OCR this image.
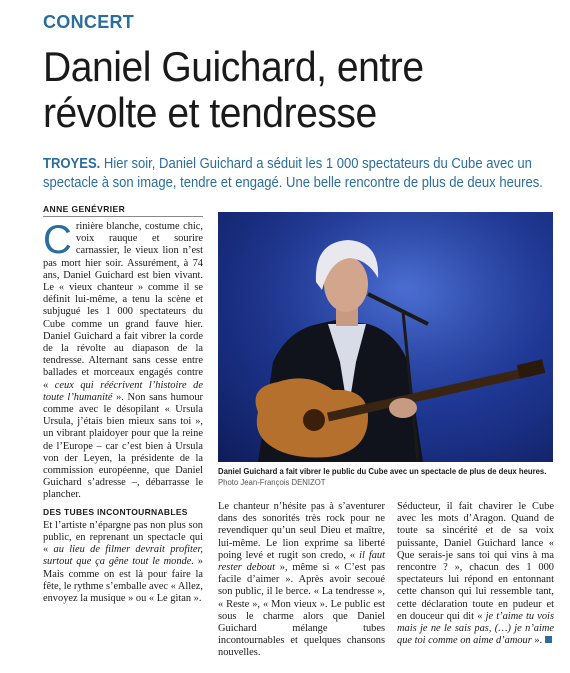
CONCERT
Daniel Guichard, entre révolte et tendresse
TROYES. Hier soir, Daniel Guichard a séduit les 1 000 spectateurs du Cube avec un spectacle à son image, tendre et engagé. Une belle rencontre de plus de deux heures.
ANNE GENÉVRIER

Crinière blanche, costume chic, voix rauque et sourire carnassier, le vieux lion n’est pas mort hier soir. Assurément, à 74 ans, Daniel Guichard est bien vivant. Le « vieux chanteur » comme il se définit lui-même, a tenu la scène et subjugué les 1 000 spectateurs du Cube comme un grand fauve hier. Daniel Guichard a fait vibrer la corde de la révolte au diapason de la tendresse. Alternant sans cesse entre ballades et morceaux engagés contre « ceux qui réécrivent l’histoire de toute l’humanité ». Non sans humour comme avec le désopilant « Ursula Ursula, j’étais bien mieux sans toi », un vibrant plaidoyer pour que la reine de l’Europe – car c’est bien à Ursula von der Leyen, la présidente de la commission européenne, que Daniel Guichard s’adresse –, débarrasse le plancher.

DES TUBES INCONTOURNABLES

Et l’artiste n’épargne pas non plus son public, en reprenant un spectacle qui « au lieu de filmer devrait profiter, surtout que ça gêne tout le monde. » Mais comme on est là pour faire la fête, le rythme s’emballe avec « Allez, envoyez la musique » ou « Le gitan ».

Le chanteur n’hésite pas à s’aventurer dans des sonorités très rock pour ne revendiquer qu’un seul Dieu et maître, lui-même. Le lion exprime sa liberté poing levé et rugit son credo, « il faut rester debout », même si « C’est pas facile d’aimer ». Après avoir secoué son public, il le berce. « La tendresse », « Reste », « Mon vieux ». Le public est sous le charme alors que Daniel Guichard mélange tubes incontournables et quelques chansons nouvelles.

Séducteur, il fait chavirer le Cube avec les mots d’Aragon. Quand de toute sa sincérité et de sa voix puissante, Daniel Guichard lance « Que serais-je sans toi qui vins à ma rencontre ? », chacun des 1 000 spectateurs lui répond en entonnant cette chanson qui lui ressemble tant, cette déclaration toute en pudeur et en douceur qui dit « je t’aime tu vois mais je ne le sais pas, (…) je n’aime que toi comme on aime d’amour ».

Daniel Guichard a fait vibrer le public du Cube avec un spectacle de plus de deux heures.
Photo Jean-François DENIZOT
